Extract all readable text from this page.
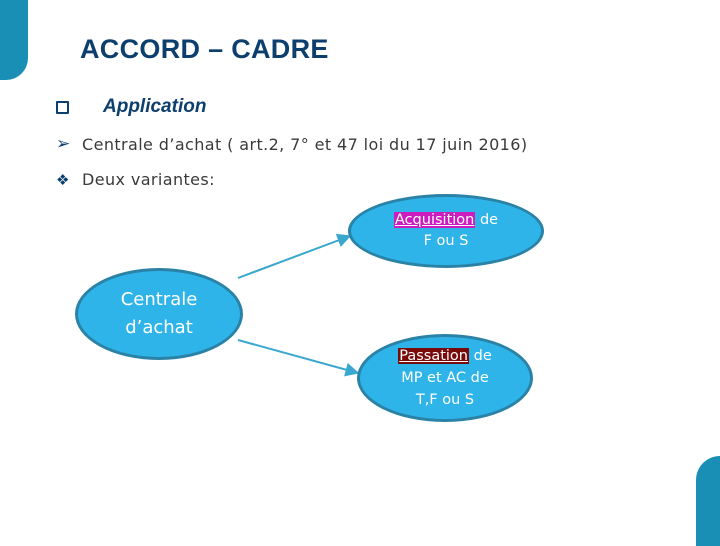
ACCORD – CADRE
Application
➢ Centrale d’achat ( art.2, 7° et 47 loi du 17 juin 2016)
❖ Deux variantes:
Centrale
d’achat
Acquisition de
F ou S
Passation de
MP et AC de
T,F ou S
